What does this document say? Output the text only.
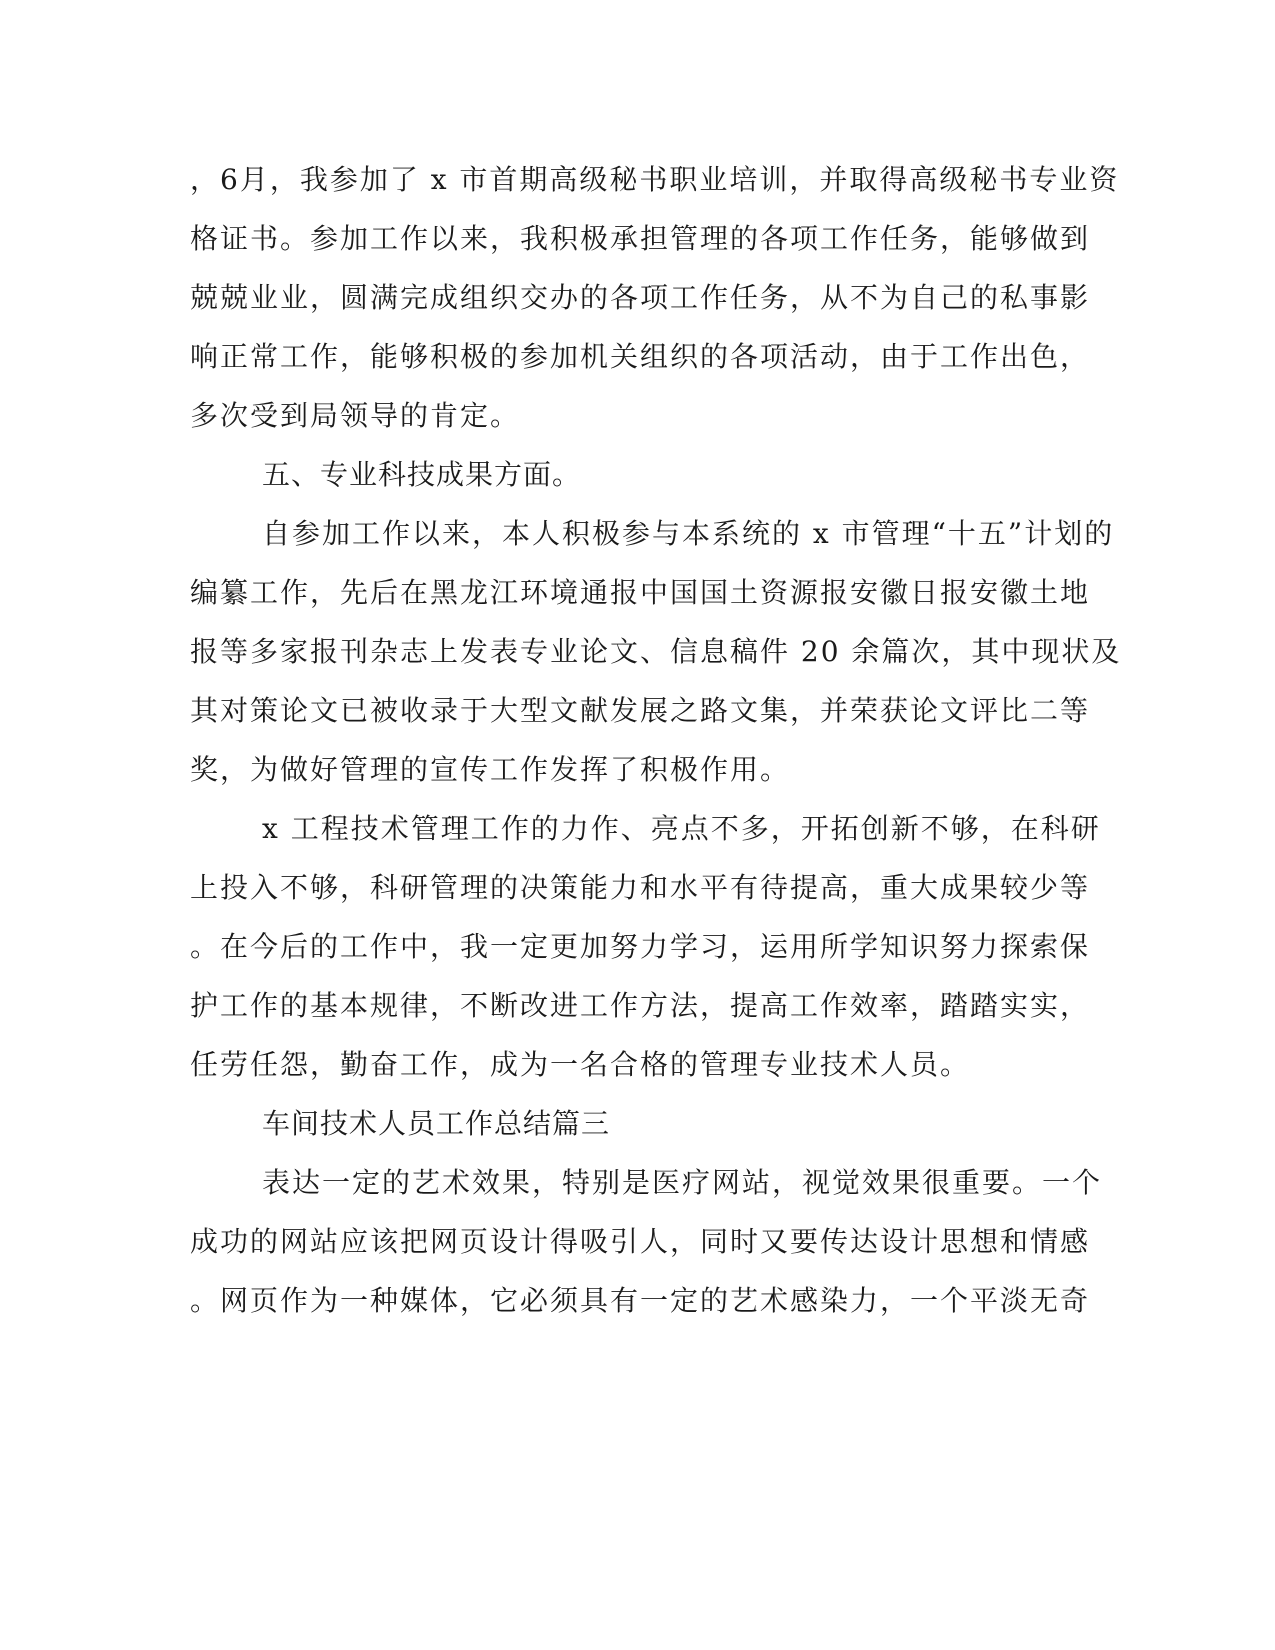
，6月，我参加了 x 市首期高级秘书职业培训，并取得高级秘书专业资
格证书。参加工作以来，我积极承担管理的各项工作任务，能够做到
兢兢业业，圆满完成组织交办的各项工作任务，从不为自己的私事影
响正常工作，能够积极的参加机关组织的各项活动，由于工作出色，
多次受到局领导的肯定。
五、专业科技成果方面。
自参加工作以来，本人积极参与本系统的 x 市管理“十五”计划的
编纂工作，先后在黑龙江环境通报中国国土资源报安徽日报安徽土地
报等多家报刊杂志上发表专业论文、信息稿件 20 余篇次，其中现状及
其对策论文已被收录于大型文献发展之路文集，并荣获论文评比二等
奖，为做好管理的宣传工作发挥了积极作用。
x 工程技术管理工作的力作、亮点不多，开拓创新不够，在科研
上投入不够，科研管理的决策能力和水平有待提高，重大成果较少等
。在今后的工作中，我一定更加努力学习，运用所学知识努力探索保
护工作的基本规律，不断改进工作方法，提高工作效率，踏踏实实，
任劳任怨，勤奋工作，成为一名合格的管理专业技术人员。
车间技术人员工作总结篇三
表达一定的艺术效果，特别是医疗网站，视觉效果很重要。一个
成功的网站应该把网页设计得吸引人，同时又要传达设计思想和情感
。网页作为一种媒体，它必须具有一定的艺术感染力，一个平淡无奇
